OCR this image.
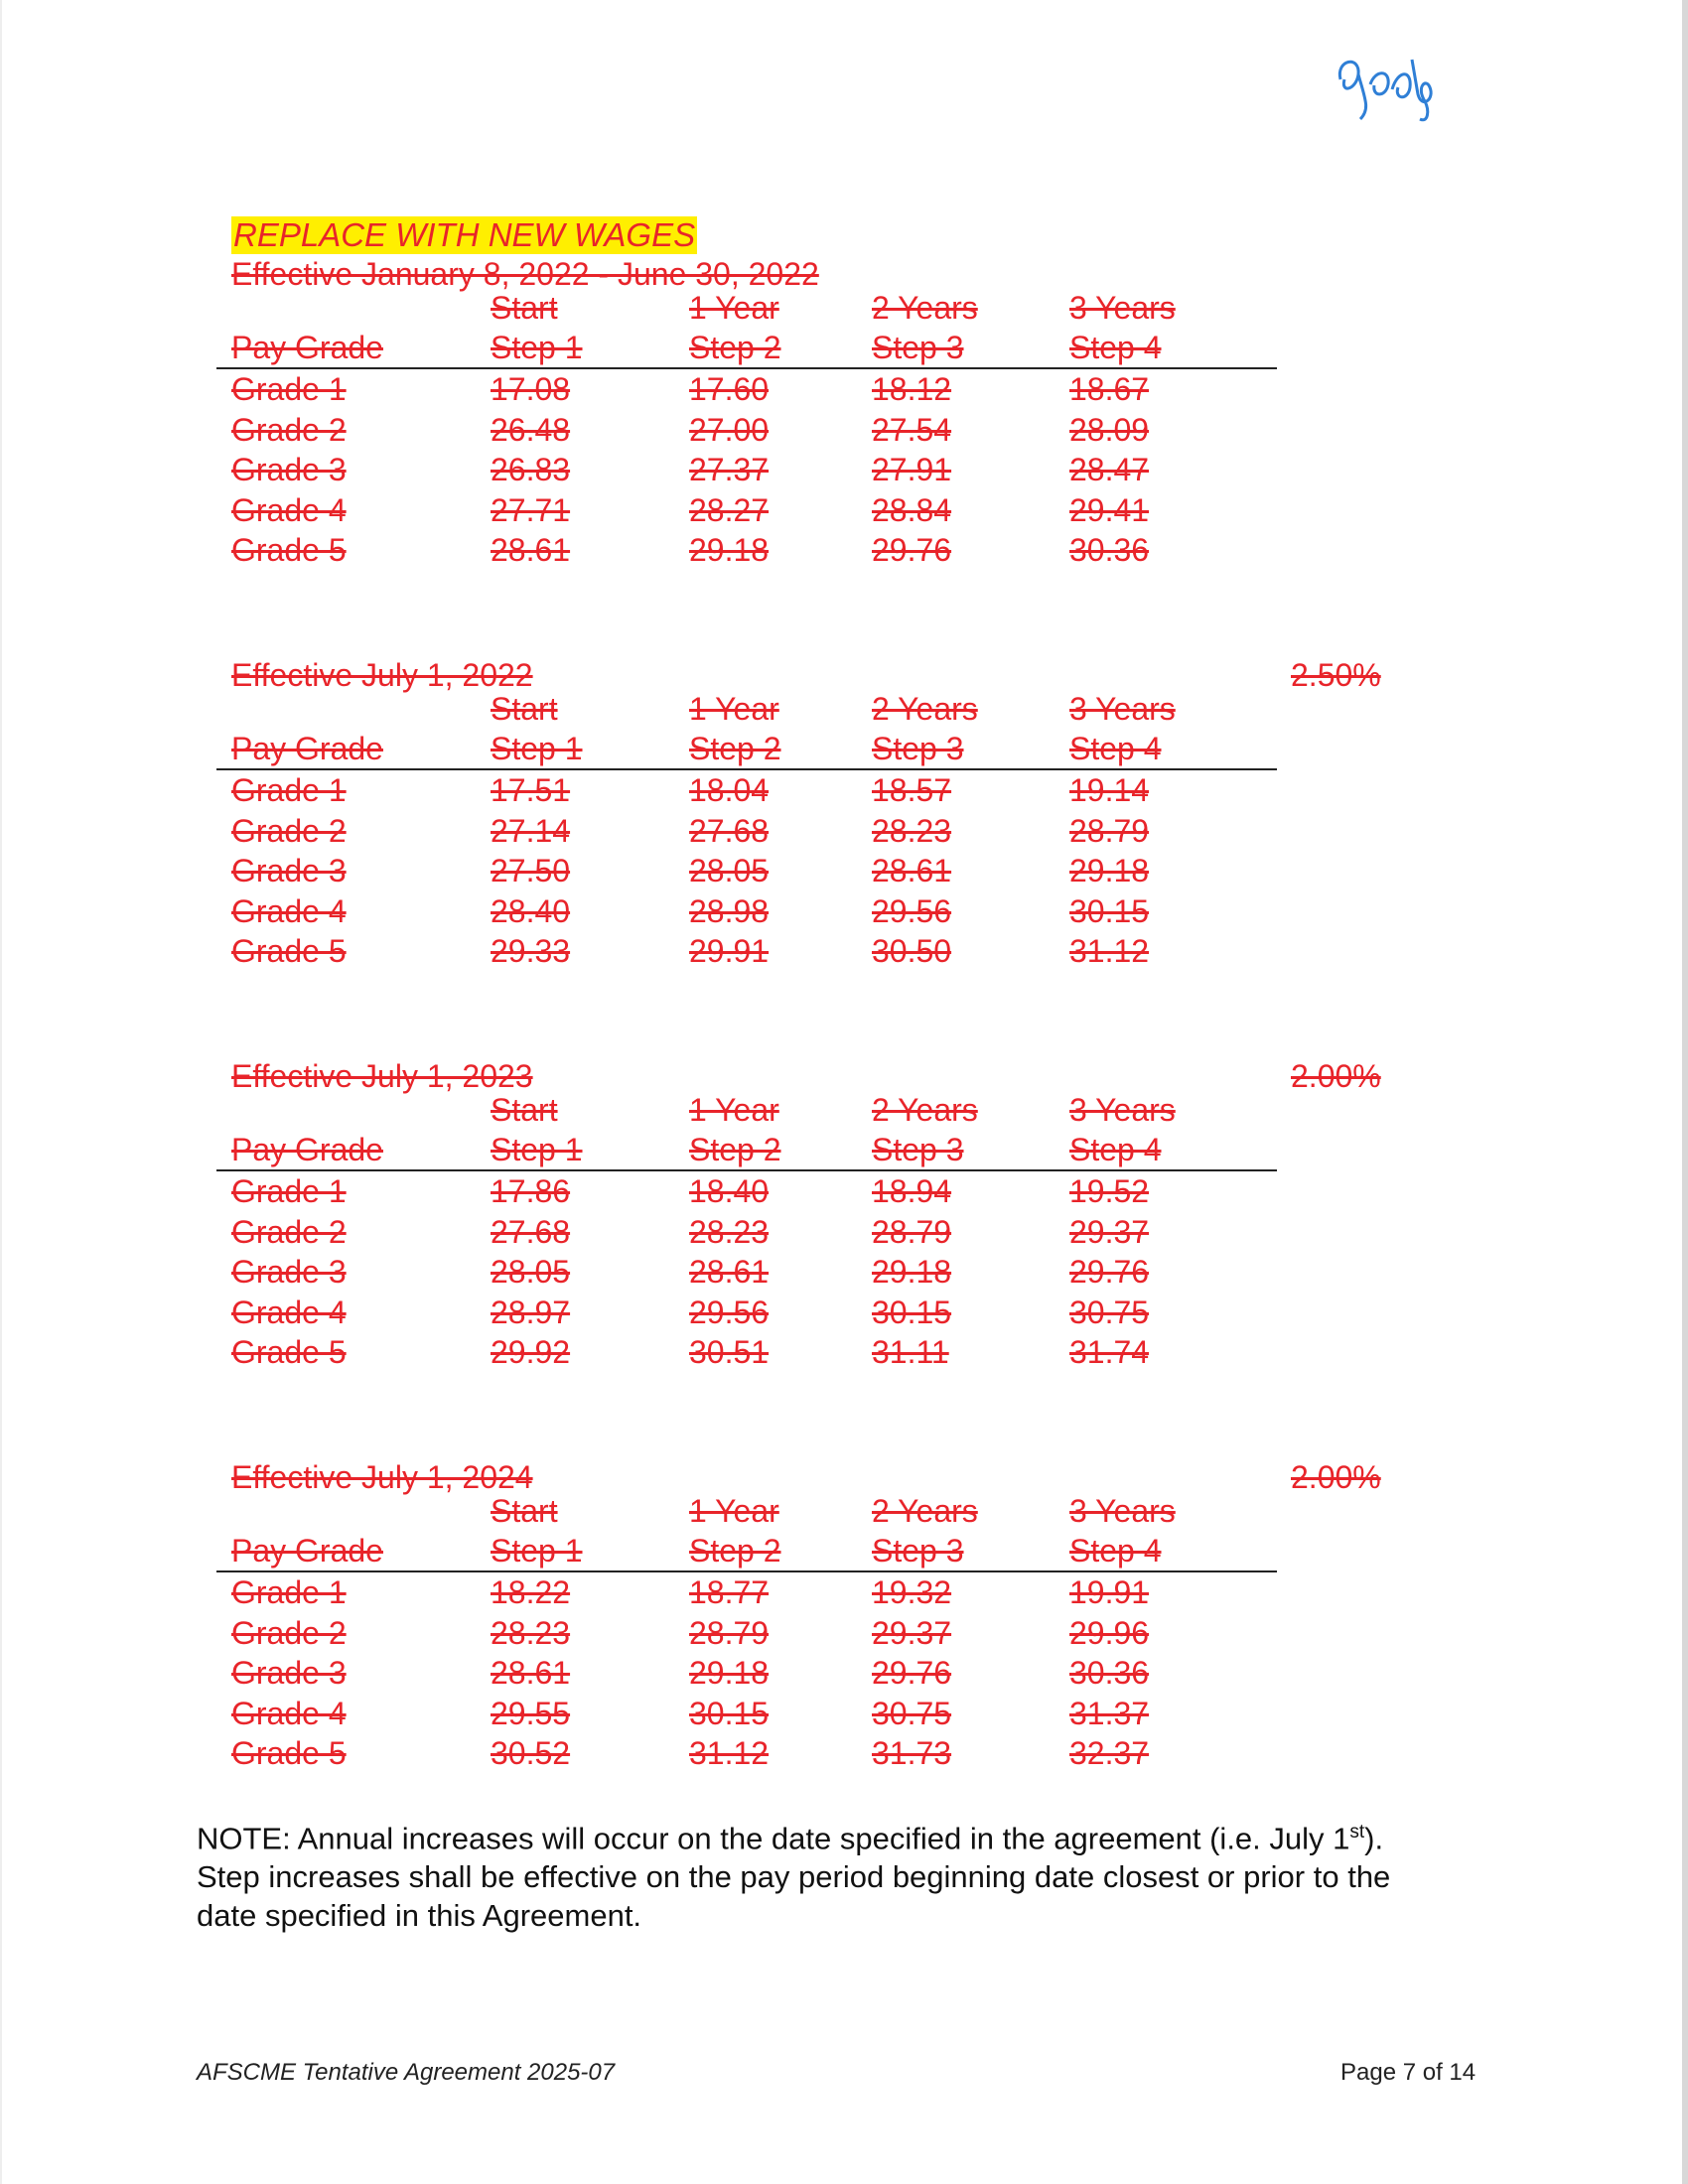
REPLACE WITH NEW WAGES
Effective January 8, 2022 - June 30, 2022
Start	1 Year	2 Years	3 Years
Pay Grade	Step 1	Step 2	Step 3	Step 4
Grade 1	17.08	17.60	18.12	18.67
Grade 2	26.48	27.00	27.54	28.09
Grade 3	26.83	27.37	27.91	28.47
Grade 4	27.71	28.27	28.84	29.41
Grade 5	28.61	29.18	29.76	30.36
Effective July 1, 2022	2.50%
Start	1 Year	2 Years	3 Years
Pay Grade	Step 1	Step 2	Step 3	Step 4
Grade 1	17.51	18.04	18.57	19.14
Grade 2	27.14	27.68	28.23	28.79
Grade 3	27.50	28.05	28.61	29.18
Grade 4	28.40	28.98	29.56	30.15
Grade 5	29.33	29.91	30.50	31.12
Effective July 1, 2023	2.00%
Start	1 Year	2 Years	3 Years
Pay Grade	Step 1	Step 2	Step 3	Step 4
Grade 1	17.86	18.40	18.94	19.52
Grade 2	27.68	28.23	28.79	29.37
Grade 3	28.05	28.61	29.18	29.76
Grade 4	28.97	29.56	30.15	30.75
Grade 5	29.92	30.51	31.11	31.74
Effective July 1, 2024	2.00%
Start	1 Year	2 Years	3 Years
Pay Grade	Step 1	Step 2	Step 3	Step 4
Grade 1	18.22	18.77	19.32	19.91
Grade 2	28.23	28.79	29.37	29.96
Grade 3	28.61	29.18	29.76	30.36
Grade 4	29.55	30.15	30.75	31.37
Grade 5	30.52	31.12	31.73	32.37
NOTE: Annual increases will occur on the date specified in the agreement (i.e. July 1st).
Step increases shall be effective on the pay period beginning date closest or prior to the
date specified in this Agreement.
AFSCME Tentative Agreement 2025-07	Page 7 of 14
